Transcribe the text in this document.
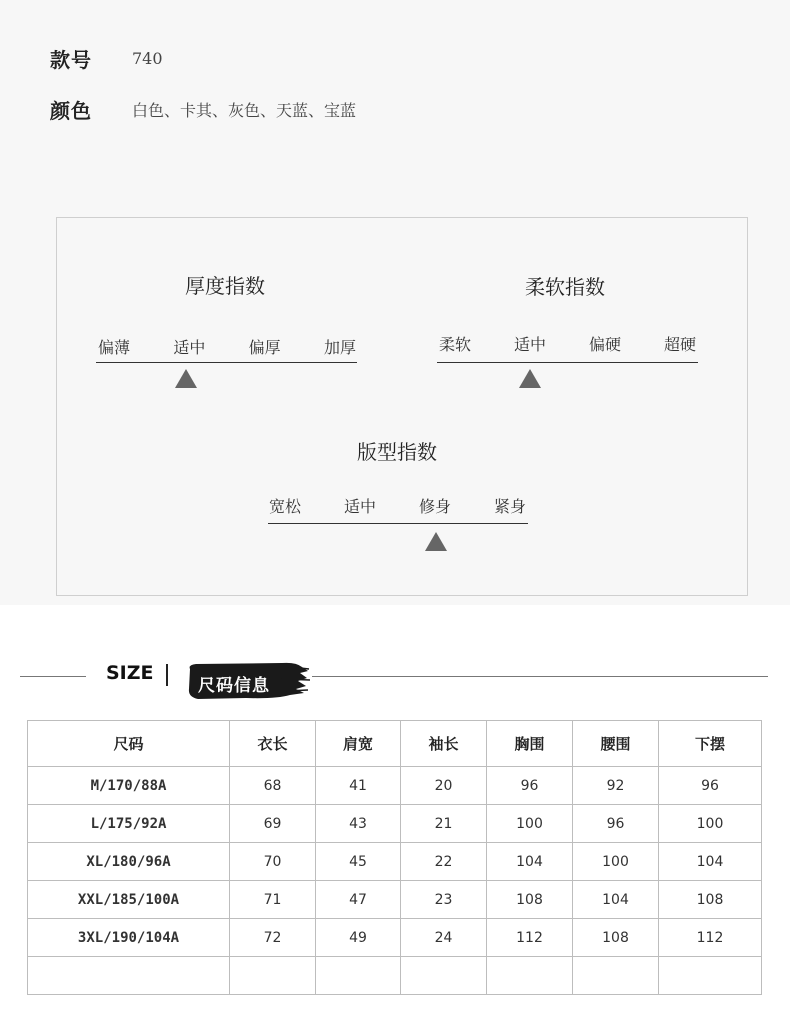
款号	740
颜色	白色、卡其、灰色、天蓝、宝蓝
厚度指数
偏薄	适中	偏厚	加厚
柔软指数
柔软	适中	偏硬	超硬
版型指数
宽松	适中	修身	紧身
SIZE
尺码信息
尺码	衣长	肩宽	袖长	胸围	腰围	下摆
M/170/88A	68	41	20	96	92	96
L/175/92A	69	43	21	100	96	100
XL/180/96A	70	45	22	104	100	104
XXL/185/100A	71	47	23	108	104	108
3XL/190/104A	72	49	24	112	108	112
